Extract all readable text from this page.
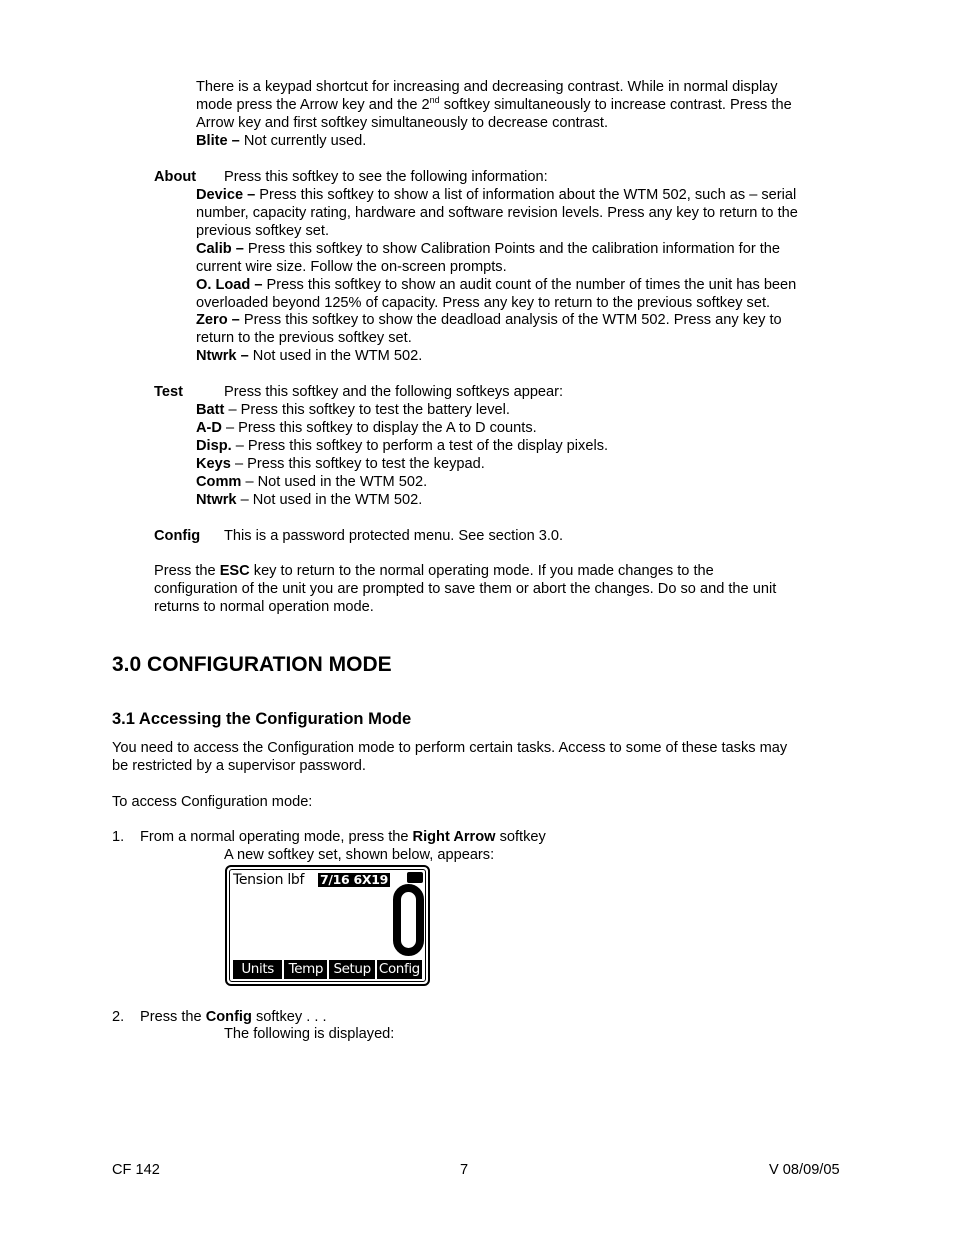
There is a keypad shortcut for increasing and decreasing contrast. While in normal display
mode press the Arrow key and the 2nd softkey simultaneously to increase contrast. Press the
Arrow key and first softkey simultaneously to decrease contrast.
Blite – Not currently used.
About Press this softkey to see the following information:
Device – Press this softkey to show a list of information about the WTM 502, such as – serial
number, capacity rating, hardware and software revision levels. Press any key to return to the
previous softkey set.
Calib – Press this softkey to show Calibration Points and the calibration information for the
current wire size. Follow the on-screen prompts.
O. Load – Press this softkey to show an audit count of the number of times the unit has been
overloaded beyond 125% of capacity. Press any key to return to the previous softkey set.
Zero – Press this softkey to show the deadload analysis of the WTM 502. Press any key to
return to the previous softkey set.
Ntwrk – Not used in the WTM 502.
Test	Press this softkey and the following softkeys appear:
Batt – Press this softkey to test the battery level.
A-D – Press this softkey to display the A to D counts.
Disp. – Press this softkey to perform a test of the display pixels.
Keys – Press this softkey to test the keypad.
Comm – Not used in the WTM 502.
Ntwrk – Not used in the WTM 502.
Config This is a password protected menu. See section 3.0.
Press the ESC key to return to the normal operating mode. If you made changes to the
configuration of the unit you are prompted to save them or abort the changes. Do so and the unit
returns to normal operation mode.
3.0 CONFIGURATION MODE
3.1 Accessing the Configuration Mode
You need to access the Configuration mode to perform certain tasks. Access to some of these tasks may
be restricted by a supervisor password.
To access Configuration mode:
1. From a normal operating mode, press the Right Arrow softkey
A new softkey set, shown below, appears:
Tension lbf 7/16 6X19
Units	Temp Setup Config
2. Press the Config softkey . . .
The following is displayed:
CF 142	7	V 08/09/05
